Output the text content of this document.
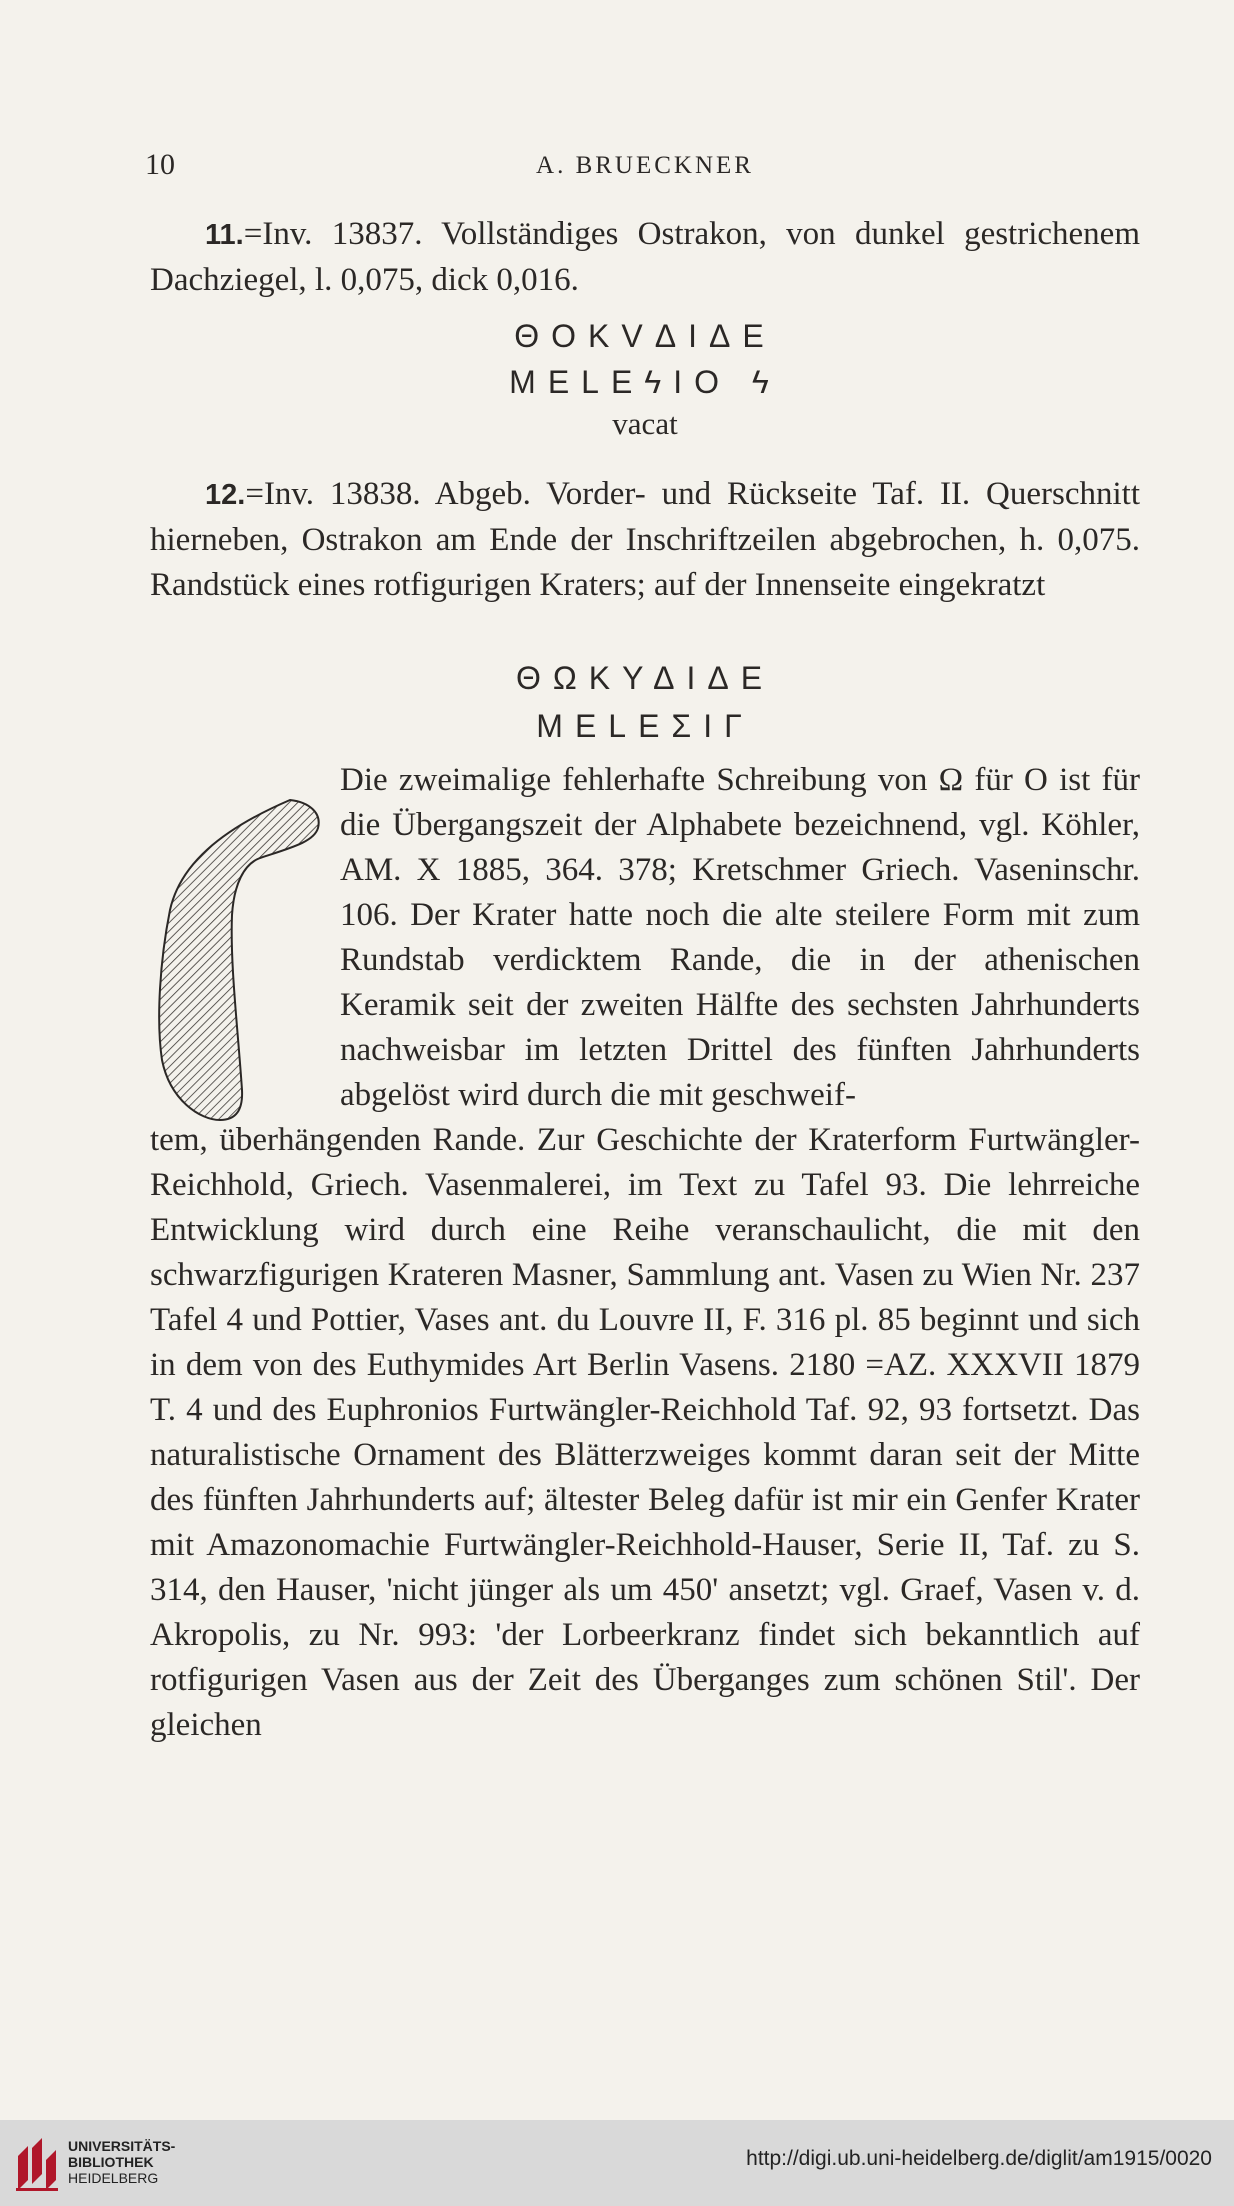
10	A. BRUECKNER
11.=Inv. 13837. Vollständiges Ostrakon, von dunkel gestrichenem Dachziegel, l. 0,075, dick 0,016.
ΘΟΚVΔΙΔΕ
ΜΕLΕϟΙΟ ϟ
vacat
12.=Inv. 13838. Abgeb. Vorder- und Rückseite Taf. II. Querschnitt hierneben, Ostrakon am Ende der Inschriftzeilen abgebrochen, h. 0,075. Randstück eines rotfigurigen Kraters; auf der Innenseite eingekratzt
ΘΩΚΥΔΙΔΕ
ΜΕLΕΣΙΓ
Die zweimalige fehlerhafte Schreibung von Ω für O ist für die Übergangszeit der Alphabete bezeichnend, vgl. Köhler, AM. X 1885, 364. 378; Kretschmer Griech. Vaseninschr. 106. Der Krater hatte noch die alte steilere Form mit zum Rundstab verdicktem Rande, die in der athenischen Keramik seit der zweiten Hälfte des sechsten Jahrhunderts nachweisbar im letzten Drittel des fünften Jahrhunderts abgelöst wird durch die mit geschweif-
tem, überhängenden Rande. Zur Geschichte der Kraterform Furtwängler-Reichhold, Griech. Vasenmalerei, im Text zu Tafel 93. Die lehrreiche Entwicklung wird durch eine Reihe veranschaulicht, die mit den schwarzfigurigen Krateren Masner, Sammlung ant. Vasen zu Wien Nr. 237 Tafel 4 und Pottier, Vases ant. du Louvre II, F. 316 pl. 85 beginnt und sich in dem von des Euthymides Art Berlin Vasens. 2180 =AZ. XXXVII 1879 T. 4 und des Euphronios Furtwängler-Reichhold Taf. 92, 93 fortsetzt. Das naturalistische Ornament des Blätterzweiges kommt daran seit der Mitte des fünften Jahrhunderts auf; ältester Beleg dafür ist mir ein Genfer Krater mit Amazonomachie Furtwängler-Reichhold-Hauser, Serie II, Taf. zu S. 314, den Hauser, 'nicht jünger als um 450' ansetzt; vgl. Graef, Vasen v. d. Akropolis, zu Nr. 993: 'der Lorbeerkranz findet sich bekanntlich auf rotfigurigen Vasen aus der Zeit des Überganges zum schönen Stil'. Der gleichen
UNIVERSITÄTS-
BIBLIOTHEK
HEIDELBERG
http://digi.ub.uni-heidelberg.de/diglit/am1915/0020
